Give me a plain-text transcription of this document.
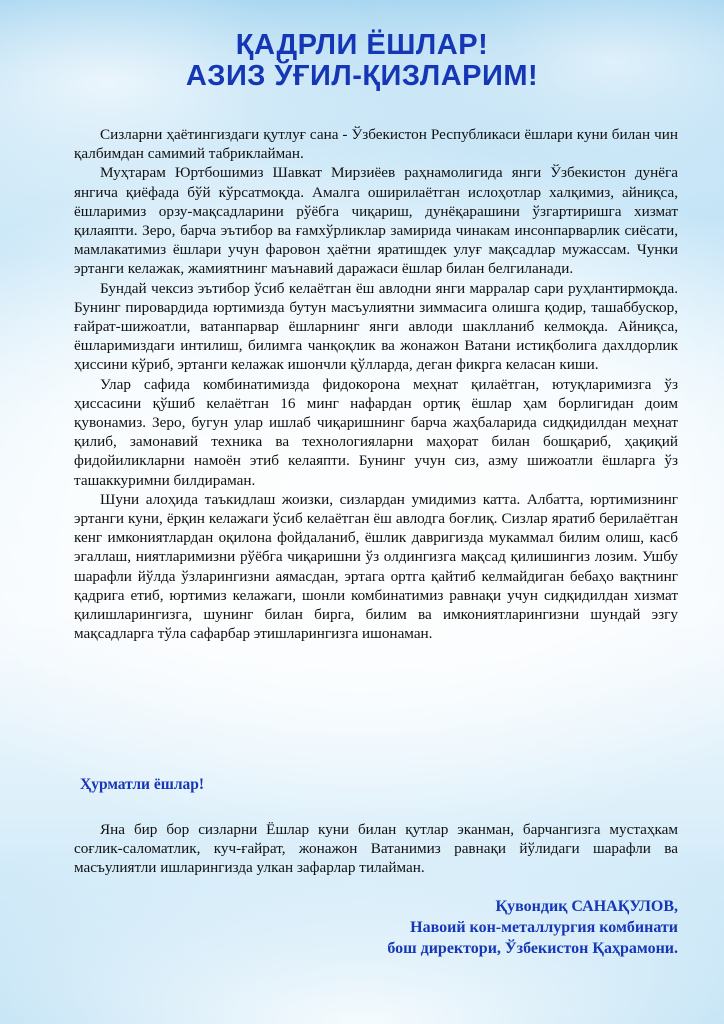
ҚАДРЛИ ЁШЛАР!
АЗИЗ ЎҒИЛ-ҚИЗЛАРИМ!

Сизларни ҳаётингиздаги қутлуғ сана - Ўзбекистон Республикаси ёшлари куни билан чин қалбимдан самимий табриклайман.

Муҳтарам Юртбошимиз Шавкат Мирзиёев раҳнамолигида янги Ўзбекистон дунёга янгича қиёфада бўй кўрсатмоқда. Амалга оширилаётган ислоҳотлар халқимиз, айниқса, ёшларимиз орзу-мақсадларини рўёбга чиқариш, дунёқарашини ўзгартиришга хизмат қилаяпти. Зеро, барча эътибор ва ғамхўрликлар замирида чинакам инсонпарварлик сиёсати, мамлакатимиз ёшлари учун фаровон ҳаётни яратишдек улуғ мақсадлар мужассам. Чунки эртанги келажак, жамиятнинг маънавий даражаси ёшлар билан белгиланади.

Бундай чексиз эътибор ўсиб келаётган ёш авлодни янги марралар сари руҳлантирмоқда. Бунинг пировардида юртимизда бутун масъулиятни зиммасига олишга қодир, ташаббускор, ғайрат-шижоатли, ватанпарвар ёшларнинг янги авлоди шаклланиб келмоқда. Айниқса, ёшларимиздаги интилиш, билимга чанқоқлик ва жонажон Ватани истиқболига дахлдорлик ҳиссини кўриб, эртанги келажак ишончли қўлларда, деган фикрга келасан киши.

Улар сафида комбинатимизда фидокорона меҳнат қилаётган, ютуқларимизга ўз ҳиссасини қўшиб келаётган 16 минг нафардан ортиқ ёшлар ҳам борлигидан доим қувонамиз. Зеро, бугун улар ишлаб чиқаришнинг барча жаҳбаларида сидқидилдан меҳнат қилиб, замонавий техника ва технологияларни маҳорат билан бошқариб, ҳақиқий фидойиликларни намоён этиб келаяпти. Бунинг учун сиз, азму шижоатли ёшларга ўз ташаккуримни билдираман.

Шуни алоҳида таъкидлаш жоизки, сизлардан умидимиз катта. Албатта, юртимизнинг эртанги куни, ёрқин келажаги ўсиб келаётган ёш авлодга боғлиқ. Сизлар яратиб берилаётган кенг имкониятлардан оқилона фойдаланиб, ёшлик давригизда мукаммал билим олиш, касб эгаллаш, ниятларимизни рўёбга чиқаришни ўз олдингизга мақсад қилишингиз лозим. Ушбу шарафли йўлда ўзларингизни аямасдан, эртага ортга қайтиб келмайдиган бебаҳо вақтнинг қадрига етиб, юртимиз келажаги, шонли комбинатимиз равнақи учун сидқидилдан хизмат қилишларингизга, шунинг билан бирга, билим ва имкониятларингизни шундай эзгу мақсадларга тўла сафарбар этишларингизга ишонаман.

Ҳурматли ёшлар!

Яна бир бор сизларни Ёшлар куни билан қутлар эканман, барчангизга мустаҳкам соғлик-саломатлик, куч-ғайрат, жонажон Ватанимиз равнақи йўлидаги шарафли ва масъулиятли ишларингизда улкан зафарлар тилайман.

Қувондиқ САНАҚУЛОВ,
Навоий кон-металлургия комбинати
бош директори, Ўзбекистон Қаҳрамони.
